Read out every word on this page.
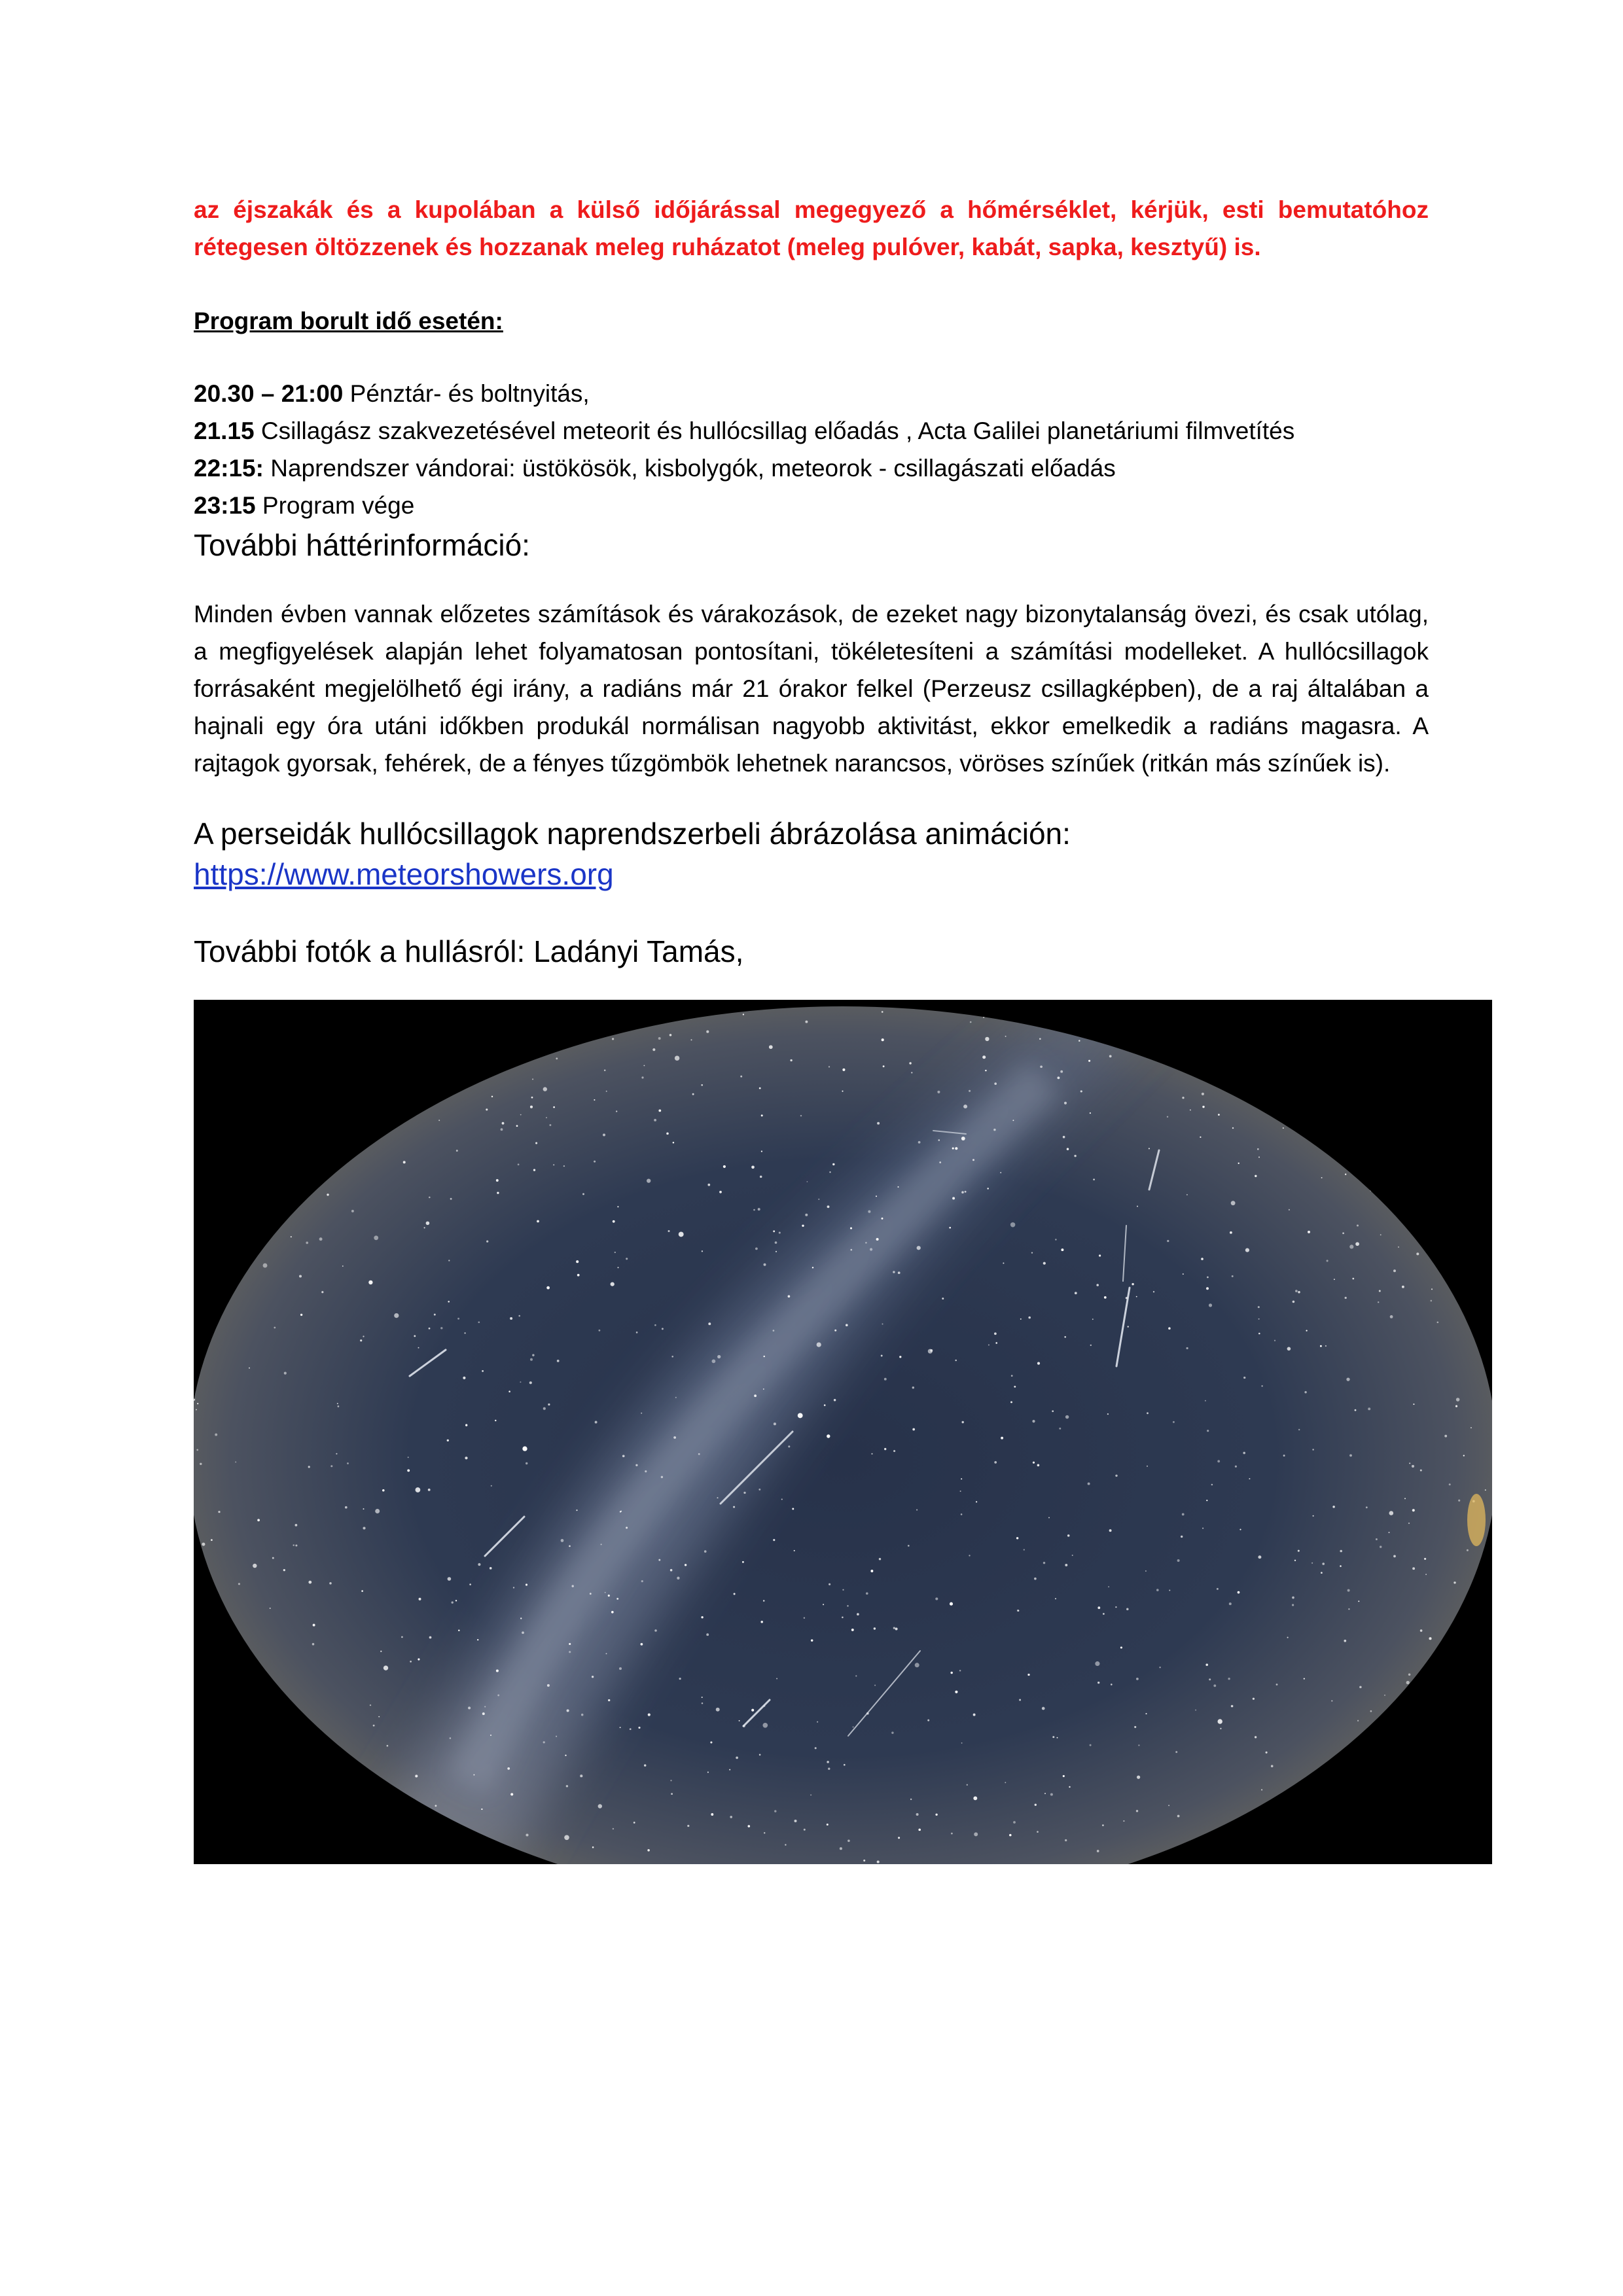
az éjszakák és a kupolában a külső időjárással megegyező a hőmérséklet, kérjük, esti bemutatóhoz rétegesen öltözzenek és hozzanak meleg ruházatot (meleg pulóver, kabát, sapka, kesztyű) is.

Program borult idő esetén:

20.30 – 21:00 Pénztár- és boltnyitás,
21.15 Csillagász szakvezetésével meteorit és hullócsillag előadás , Acta Galilei planetáriumi filmvetítés
22:15: Naprendszer vándorai: üstökösök, kisbolygók, meteorok - csillagászati előadás
23:15 Program vége

További háttérinformáció:

Minden évben vannak előzetes számítások és várakozások, de ezeket nagy bizonytalanság övezi, és csak utólag, a megfigyelések alapján lehet folyamatosan pontosítani, tökéletesíteni a számítási modelleket. A hullócsillagok forrásaként megjelölhető égi irány, a radiáns már 21 órakor felkel (Perzeusz csillagképben), de a raj általában a hajnali egy óra utáni időkben produkál normálisan nagyobb aktivitást, ekkor emelkedik a radiáns magasra. A rajtagok gyorsak, fehérek, de a fényes tűzgömbök lehetnek narancsos, vöröses színűek (ritkán más színűek is).

A perseidák hullócsillagok naprendszerbeli ábrázolása animáción:

https://www.meteorshowers.org

További fotók a hullásról: Ladányi Tamás,
